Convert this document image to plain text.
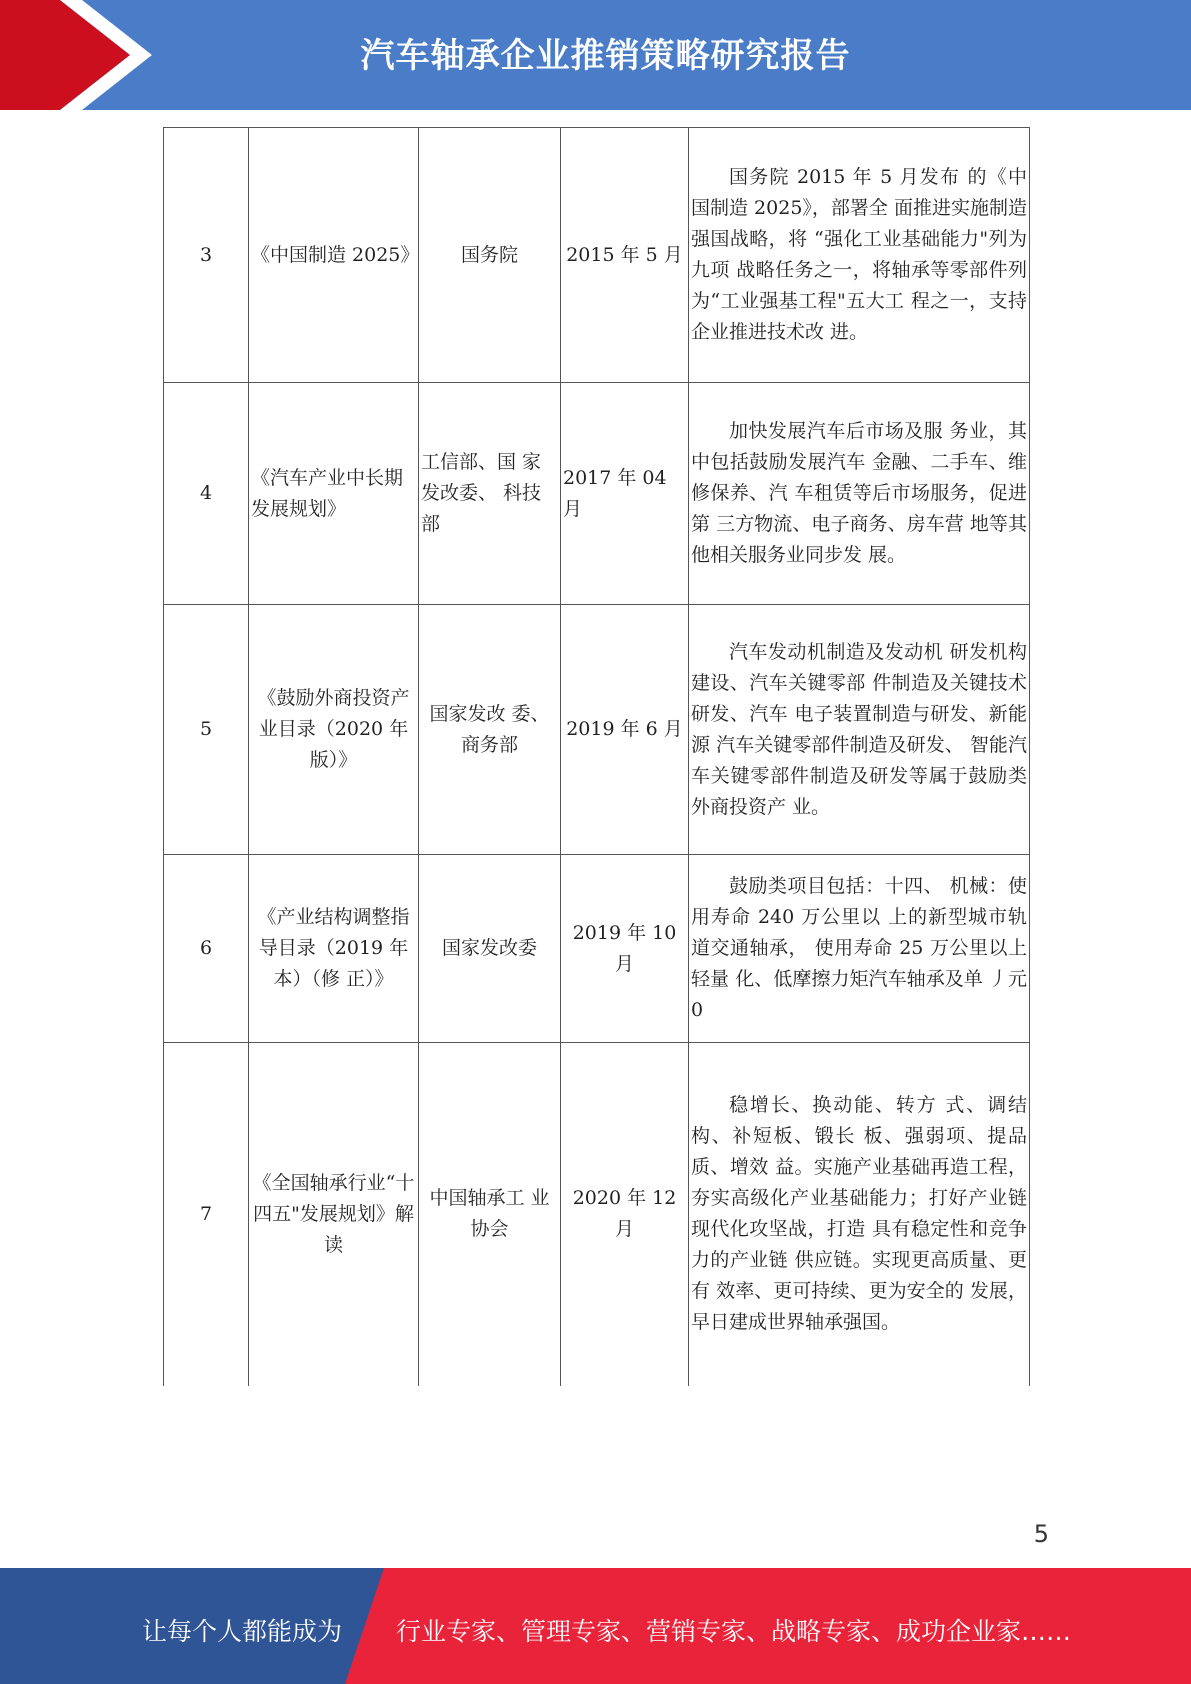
汽车轴承企业推销策略研究报告
3	《中国制造 2025》	国务院	2015 年 5 月	国务院 2015 年 5 月发布 的《中国制造 2025》，部署全 面推进实施制造强国战略，将 “强化工业基础能力"列为九项 战略任务之一，将轴承等零部件列为“工业强基工程"五大工 程之一，支持企业推进技术改 进。
4	《汽车产业中长期发展规划》	工信部、国 家 发改委、 科技部	2017 年 04 月	加快发展汽车后市场及服 务业，其中包括鼓励发展汽车 金融、二手车、维修保养、汽 车租赁等后市场服务，促进第 三方物流、电子商务、房车营 地等其他相关服务业同步发 展。
5	《鼓励外商投资产业目录（2020 年版）》	国家发改 委、商务部	2019 年 6 月	汽车发动机制造及发动机 研发机构建设、汽车关键零部 件制造及关键技术研发、汽车 电子装置制造与研发、新能源 汽车关键零部件制造及研发、 智能汽车关键零部件制造及研发等属于鼓励类外商投资产 业。
6	《产业结构调整指导目录（2019 年本）（修 正）》	国家发改委	2019 年 10 月	鼓励类项目包括：十四、 机械：使用寿命 240 万公里以 上的新型城市轨道交通轴承， 使用寿命 25 万公里以上轻量 化、低摩擦力矩汽车轴承及单 丿元 0
7	《全国轴承行业“十四五"发展规划》解读	中国轴承工 业协会	2020 年 12 月	稳增长、换动能、转方 式、调结构、补短板、锻长 板、强弱项、提品质、增效 益。实施产业基础再造工程， 夯实高级化产业基础能力；打好产业链现代化攻坚战，打造 具有稳定性和竞争力的产业链 供应链。实现更高质量、更有 效率、更可持续、更为安全的 发展，早日建成世界轴承强国。
5
让每个人都能成为 行业专家、管理专家、营销专家、战略专家、成功企业家……
